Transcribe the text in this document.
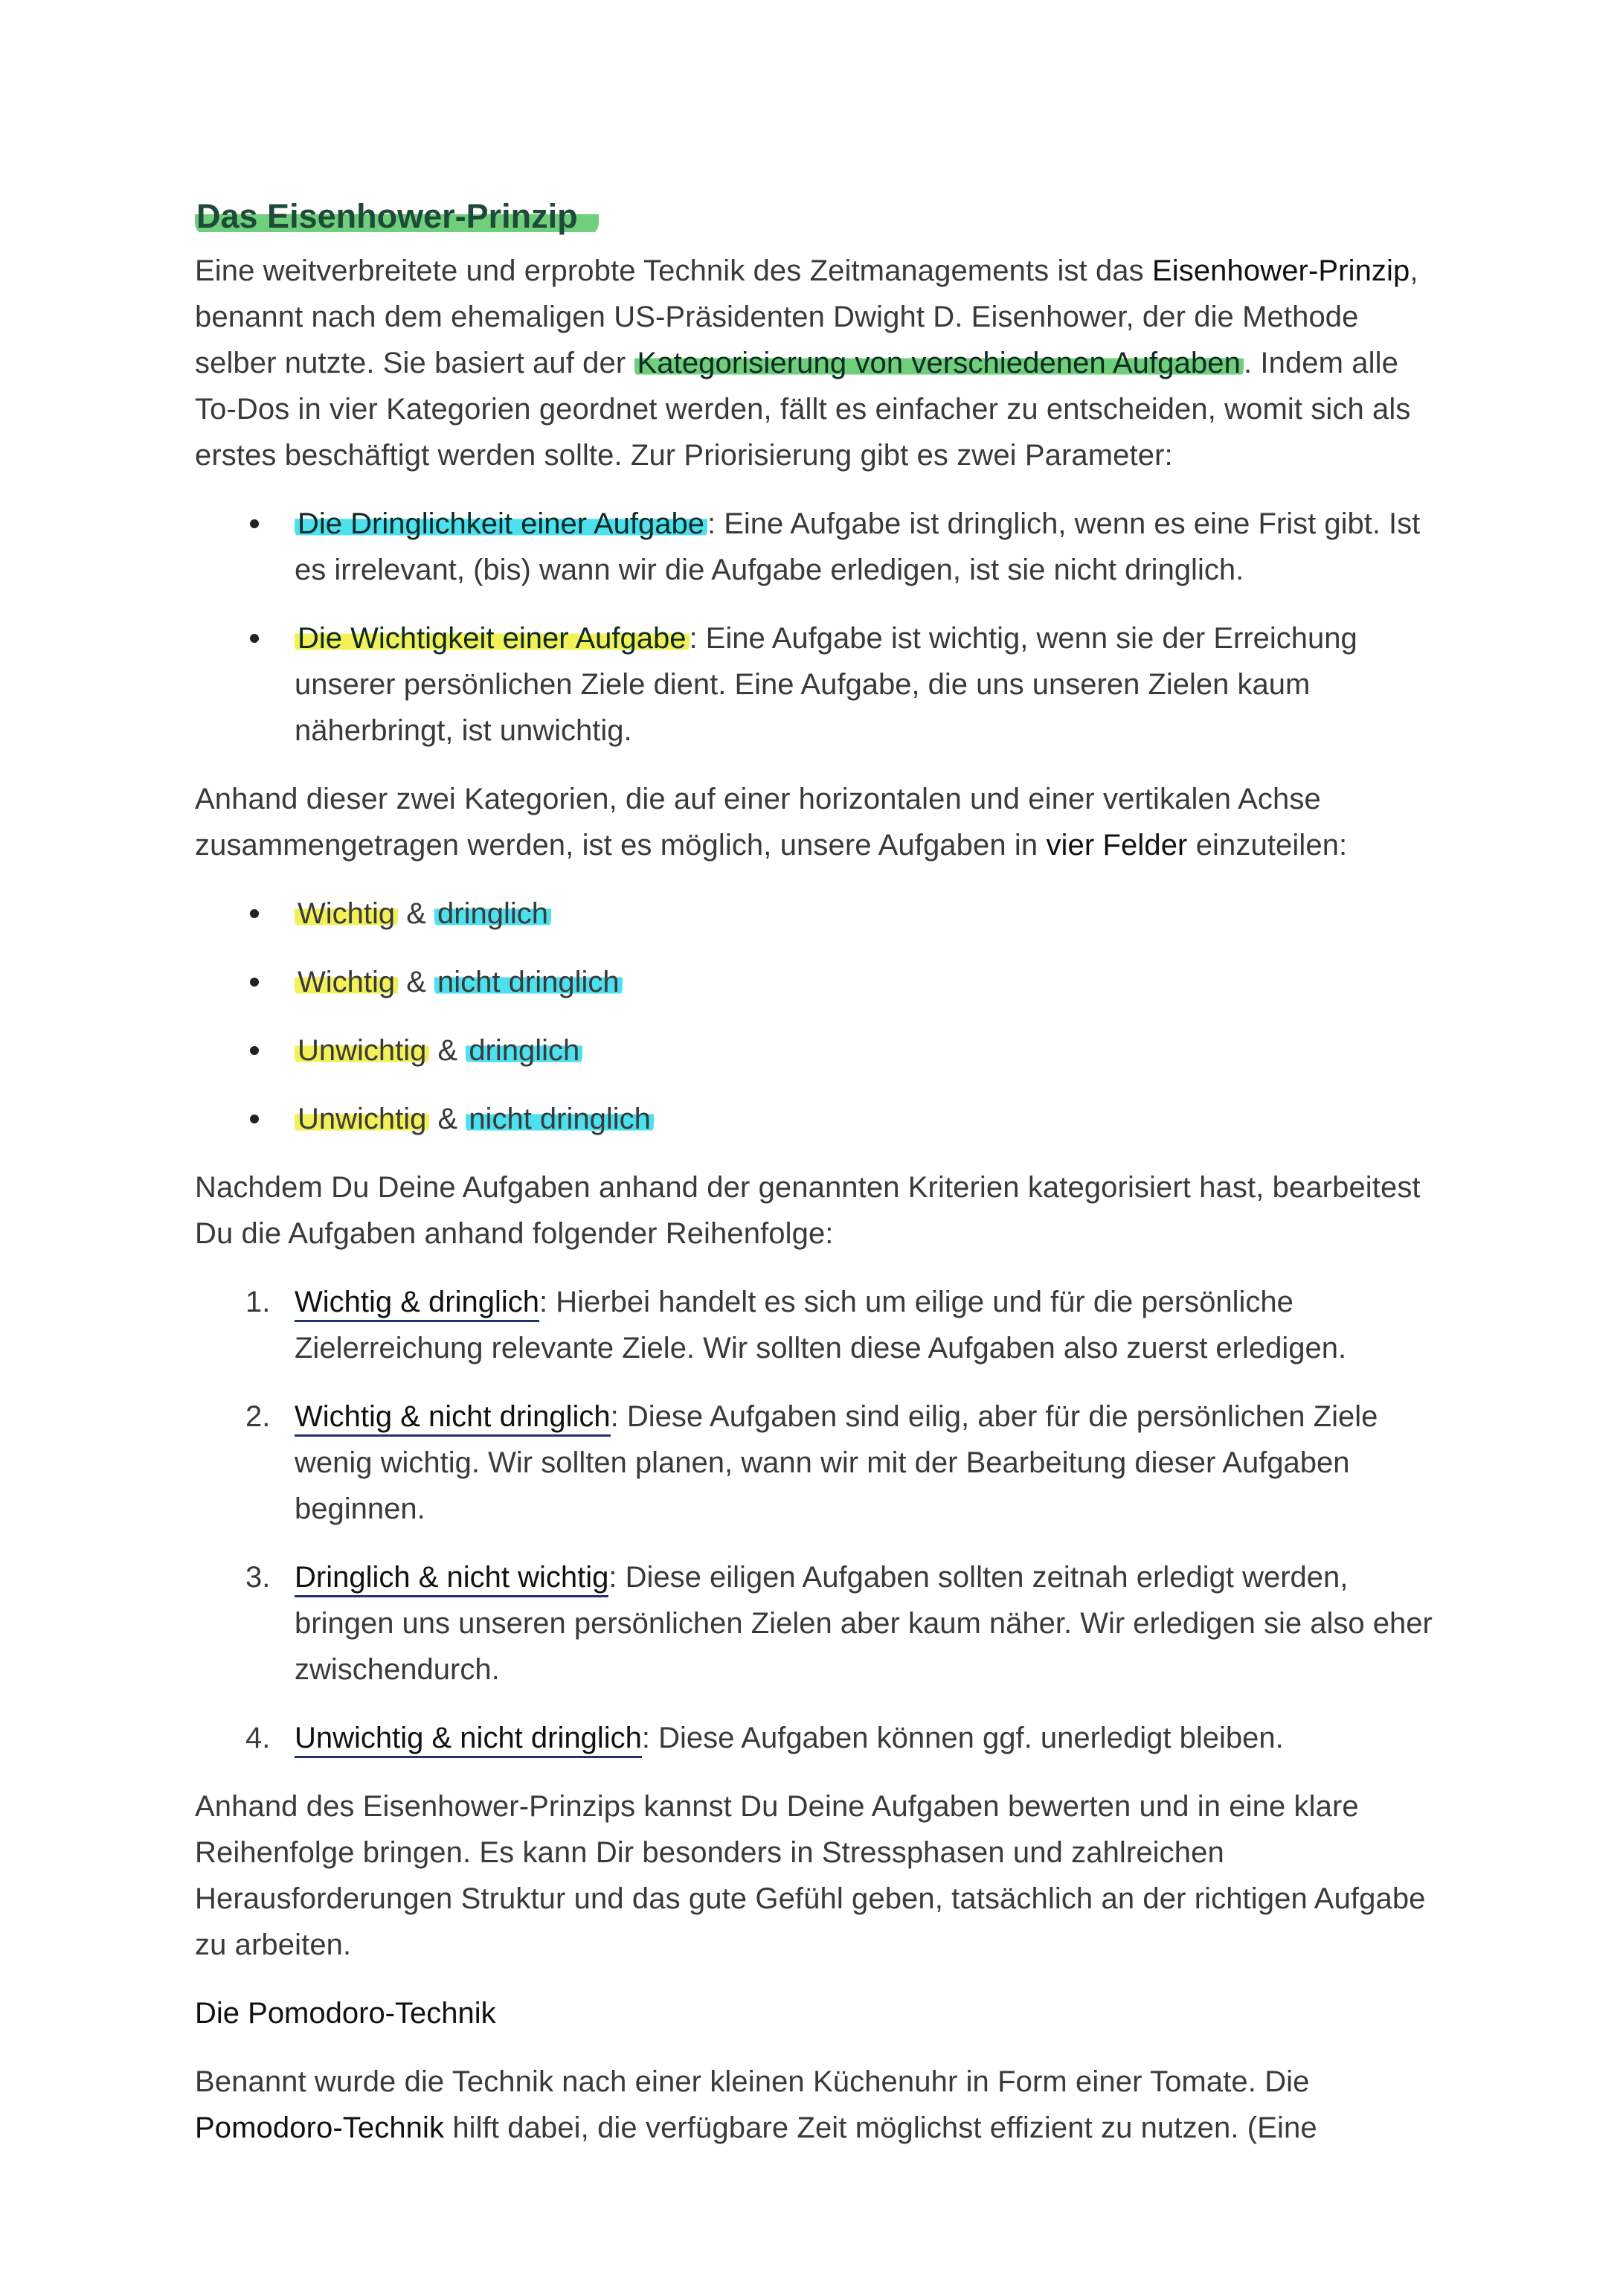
Das Eisenhower-Prinzip

Eine weitverbreitete und erprobte Technik des Zeitmanagements ist das Eisenhower-Prinzip, benannt nach dem ehemaligen US-Präsidenten Dwight D. Eisenhower, der die Methode selber nutzte. Sie basiert auf der Kategorisierung von verschiedenen Aufgaben . Indem alle To-Dos in vier Kategorien geordnet werden, fällt es einfacher zu entscheiden, womit sich als erstes beschäftigt werden sollte. Zur Priorisierung gibt es zwei Parameter:

Die Dringlichkeit einer Aufgabe : Eine Aufgabe ist dringlich, wenn es eine Frist gibt. Ist es irrelevant, (bis) wann wir die Aufgabe erledigen, ist sie nicht dringlich.
Die Wichtigkeit einer Aufgabe : Eine Aufgabe ist wichtig, wenn sie der Erreichung unserer persönlichen Ziele dient. Eine Aufgabe, die uns unseren Zielen kaum näherbringt, ist unwichtig.

Anhand dieser zwei Kategorien, die auf einer horizontalen und einer vertikalen Achse zusammengetragen werden, ist es möglich, unsere Aufgaben in vier Felder einzuteilen:

Wichtig & dringlich
Wichtig & nicht dringlich
Unwichtig & dringlich
Unwichtig & nicht dringlich

Nachdem Du Deine Aufgaben anhand der genannten Kriterien kategorisiert hast, bearbeitest Du die Aufgaben anhand folgender Reihenfolge:

1. Wichtig & dringlich: Hierbei handelt es sich um eilige und für die persönliche Zielerreichung relevante Ziele. Wir sollten diese Aufgaben also zuerst erledigen.
2. Wichtig & nicht dringlich: Diese Aufgaben sind eilig, aber für die persönlichen Ziele wenig wichtig. Wir sollten planen, wann wir mit der Bearbeitung dieser Aufgaben beginnen.
3. Dringlich & nicht wichtig: Diese eiligen Aufgaben sollten zeitnah erledigt werden, bringen uns unseren persönlichen Zielen aber kaum näher. Wir erledigen sie also eher zwischendurch.
4. Unwichtig & nicht dringlich: Diese Aufgaben können ggf. unerledigt bleiben.

Anhand des Eisenhower-Prinzips kannst Du Deine Aufgaben bewerten und in eine klare Reihenfolge bringen. Es kann Dir besonders in Stressphasen und zahlreichen Herausforderungen Struktur und das gute Gefühl geben, tatsächlich an der richtigen Aufgabe zu arbeiten.

Die Pomodoro-Technik

Benannt wurde die Technik nach einer kleinen Küchenuhr in Form einer Tomate. Die Pomodoro-Technik hilft dabei, die verfügbare Zeit möglichst effizient zu nutzen. (Eine
